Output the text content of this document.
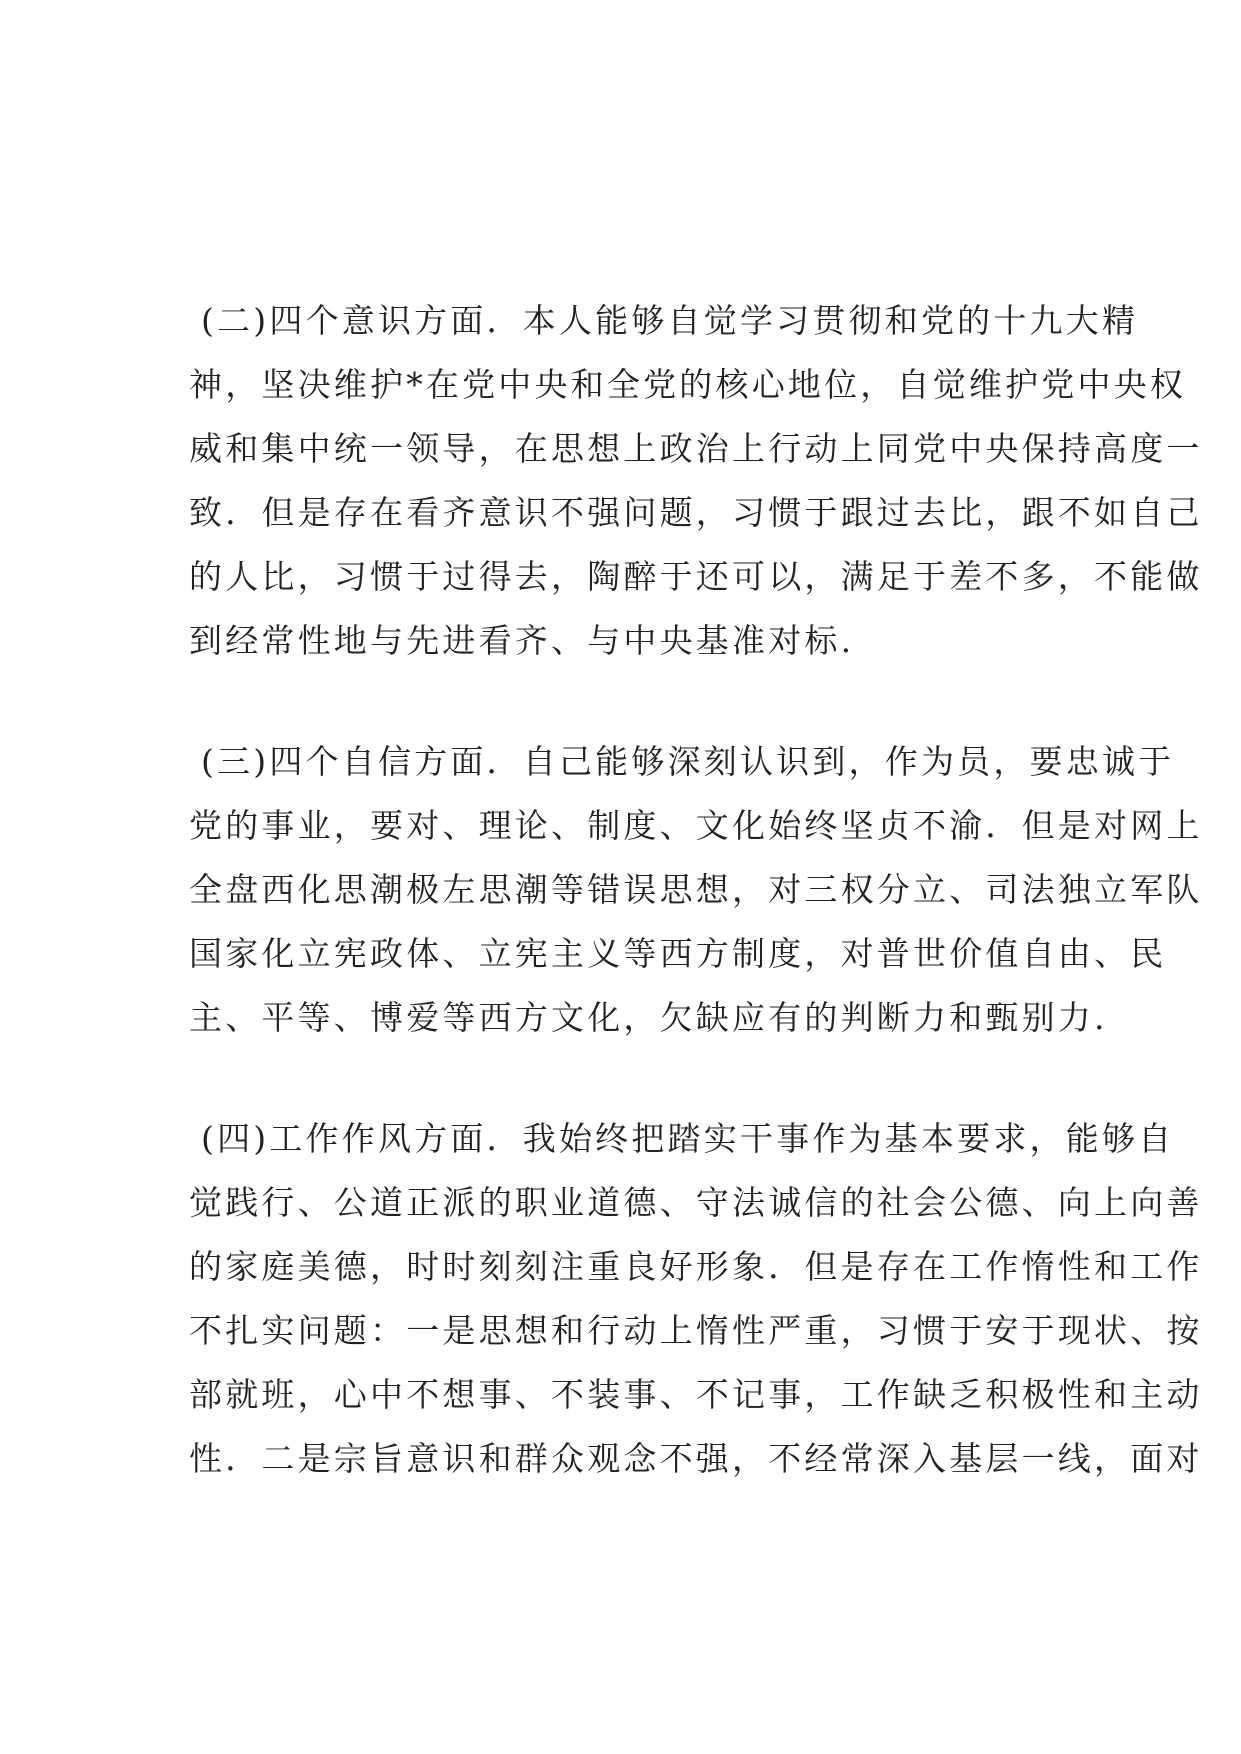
(二)四个意识方面．本人能够自觉学习贯彻和党的十九大精
神，坚决维护*在党中央和全党的核心地位，自觉维护党中央权
威和集中统一领导，在思想上政治上行动上同党中央保持高度一
致．但是存在看齐意识不强问题，习惯于跟过去比，跟不如自己
的人比，习惯于过得去，陶醉于还可以，满足于差不多，不能做
到经常性地与先进看齐、与中央基准对标.

(三)四个自信方面．自己能够深刻认识到，作为员，要忠诚于
党的事业，要对、理论、制度、文化始终坚贞不渝．但是对网上
全盘西化思潮极左思潮等错误思想，对三权分立、司法独立军队
国家化立宪政体、立宪主义等西方制度，对普世价值自由、民
主、平等、博爱等西方文化，欠缺应有的判断力和甄别力.

(四)工作作风方面．我始终把踏实干事作为基本要求，能够自
觉践行、公道正派的职业道德、守法诚信的社会公德、向上向善
的家庭美德，时时刻刻注重良好形象．但是存在工作惰性和工作
不扎实问题：一是思想和行动上惰性严重，习惯于安于现状、按
部就班，心中不想事、不装事、不记事，工作缺乏积极性和主动
性．二是宗旨意识和群众观念不强，不经常深入基层一线，面对
